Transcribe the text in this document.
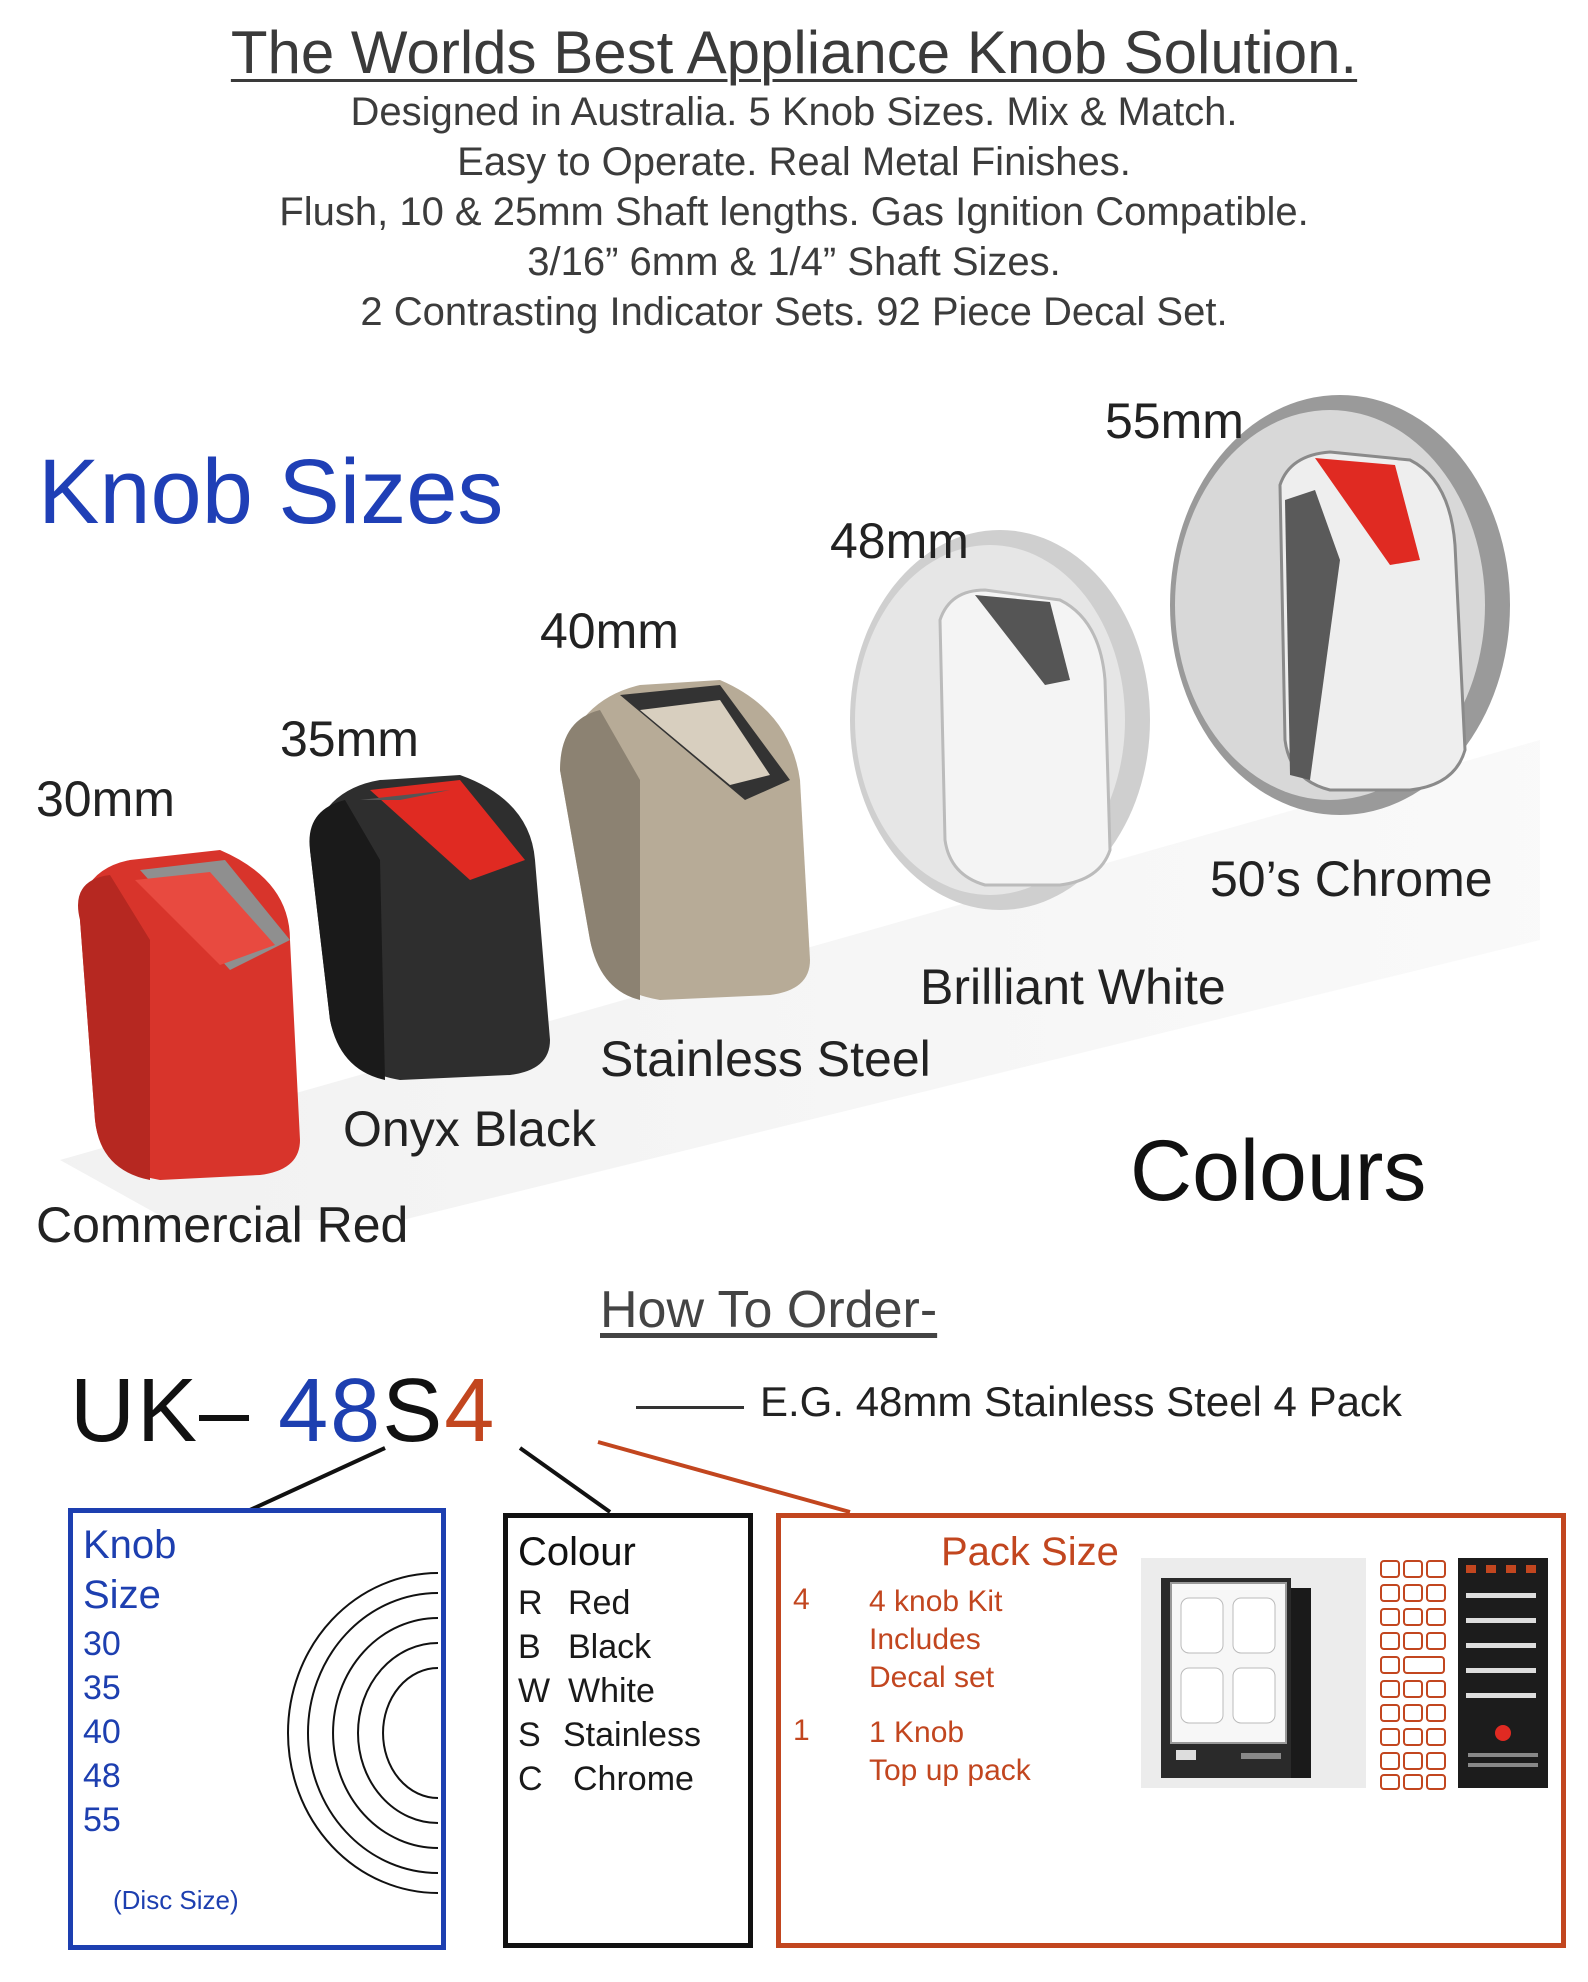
The Worlds Best Appliance Knob Solution.
Designed in Australia. 5 Knob Sizes. Mix & Match.
Easy to Operate. Real Metal Finishes.
Flush, 10 & 25mm Shaft lengths. Gas Ignition Compatible.
3/16” 6mm & 1/4” Shaft Sizes.
2 Contrasting Indicator Sets. 92 Piece Decal Set.
Knob Sizes
30mm
35mm
40mm
48mm
55mm
Commercial Red
Onyx Black
Stainless Steel
Brilliant White
50’s Chrome
Colours
How To Order-
UK– 48S4	E.G. 48mm Stainless Steel 4 Pack
Knob
Size
30
35
40
48
55
(Disc Size)
Colour
R Red
B Black
W White
S Stainless
C Chrome
Pack Size
4 4 knob Kit
Includes
Decal set
1 1 Knob
Top up pack
